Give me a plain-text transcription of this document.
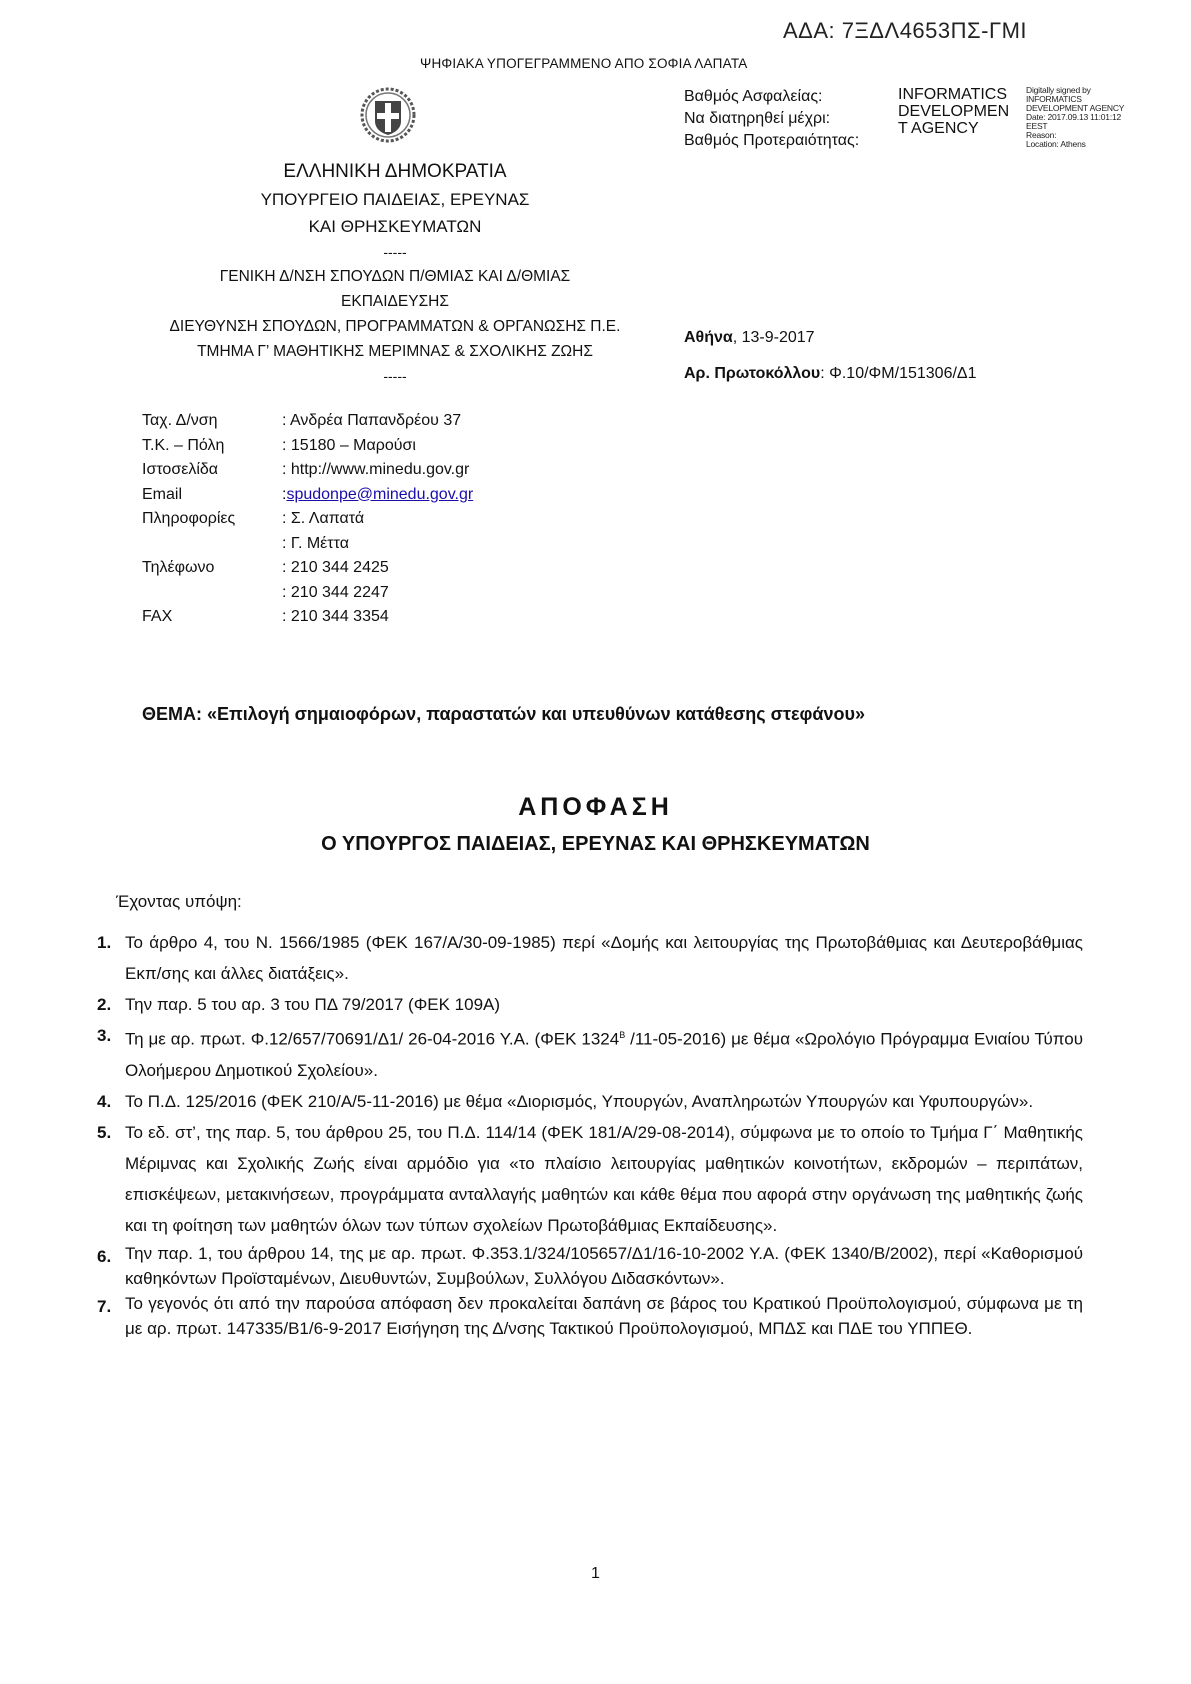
ΑΔΑ: 7ΞΔΛ4653ΠΣ-ΓΜΙ
ΨΗΦΙΑΚΑ ΥΠΟΓΕΓΡΑΜΜΕΝΟ ΑΠΟ ΣΟΦΙΑ ΛΑΠΑΤΑ
Βαθμός Ασφαλείας:
Να διατηρηθεί μέχρι:
Βαθμός Προτεραιότητας:
INFORMATICS
DEVELOPMEN
T AGENCY
Digitally signed by
INFORMATICS
DEVELOPMENT AGENCY
Date: 2017.09.13 11:01:12
EEST
Reason:
Location: Athens
ΕΛΛΗΝΙΚΗ ΔΗΜΟΚΡΑΤΙΑ
ΥΠΟΥΡΓΕΙΟ ΠΑΙΔΕΙΑΣ, ΕΡΕΥΝΑΣ
ΚΑΙ ΘΡΗΣΚΕΥΜΑΤΩΝ
-----
ΓΕΝΙΚΗ Δ/ΝΣΗ ΣΠΟΥΔΩΝ Π/ΘΜΙΑΣ ΚΑΙ Δ/ΘΜΙΑΣ
ΕΚΠΑΙΔΕΥΣΗΣ
ΔΙΕΥΘΥΝΣΗ ΣΠΟΥΔΩΝ, ΠΡΟΓΡΑΜΜΑΤΩΝ & ΟΡΓΑΝΩΣΗΣ Π.Ε.
ΤΜΗΜΑ Γ’ ΜΑΘΗΤΙΚΗΣ ΜΕΡΙΜΝΑΣ & ΣΧΟΛΙΚΗΣ ΖΩΗΣ
-----
Αθήνα, 13-9-2017
Αρ. Πρωτοκόλλου: Φ.10/ΦΜ/151306/Δ1
Ταχ. Δ/νση	: Ανδρέα Παπανδρέου 37
Τ.Κ. – Πόλη	: 15180 – Μαρούσι
Ιστοσελίδα	: http://www.minedu.gov.gr
Email	: spudonpe@minedu.gov.gr
Πληροφορίες	: Σ. Λαπατά
: Γ. Μέττα
Τηλέφωνο	: 210 344 2425
: 210 344 2247
FAX	: 210 344 3354
ΘΕΜΑ: «Επιλογή σημαιοφόρων, παραστατών και υπευθύνων κατάθεσης στεφάνου»
ΑΠΟΦΑΣΗ
Ο ΥΠΟΥΡΓΟΣ ΠΑΙΔΕΙΑΣ, ΕΡΕΥΝΑΣ ΚΑΙ ΘΡΗΣΚΕΥΜΑΤΩΝ
Έχοντας υπόψη:
1. Το άρθρο 4, του Ν. 1566/1985 (ΦΕΚ 167/Α/30-09-1985) περί «Δομής και λειτουργίας της Πρωτοβάθμιας και Δευτεροβάθμιας Εκπ/σης και άλλες διατάξεις».
2. Την παρ. 5 του αρ. 3 του ΠΔ 79/2017 (ΦΕΚ 109Α)
3. Τη με αρ. πρωτ. Φ.12/657/70691/Δ1/ 26-04-2016 Υ.Α. (ΦΕΚ $1324^B$ /11-05-2016) με θέμα «Ωρολόγιο Πρόγραμμα Ενιαίου Τύπου Ολοήμερου Δημοτικού Σχολείου».
4. Το Π.Δ. 125/2016 (ΦΕΚ 210/Α/5-11-2016) με θέμα «Διορισμός, Υπουργών, Αναπληρωτών Υπουργών και Υφυπουργών».
5. Το εδ. στ’, της παρ. 5, του άρθρου 25, του Π.Δ. 114/14 (ΦΕΚ 181/Α/29-08-2014), σύμφωνα με το οποίο το Τμήμα Γ΄ Μαθητικής Μέριμνας και Σχολικής Ζωής είναι αρμόδιο για «το πλαίσιο λειτουργίας μαθητικών κοινοτήτων, εκδρομών – περιπάτων, επισκέψεων, μετακινήσεων, προγράμματα ανταλλαγής μαθητών και κάθε θέμα που αφορά στην οργάνωση της μαθητικής ζωής και τη φοίτηση των μαθητών όλων των τύπων σχολείων Πρωτοβάθμιας Εκπαίδευσης».
6. Την παρ. 1, του άρθρου 14, της με αρ. πρωτ. Φ.353.1/324/105657/Δ1/16-10-2002 Υ.Α. (ΦΕΚ 1340/Β/2002), περί «Καθορισμού καθηκόντων Προϊσταμένων, Διευθυντών, Συμβούλων, Συλλόγου Διδασκόντων».
7. Το γεγονός ότι από την παρούσα απόφαση δεν προκαλείται δαπάνη σε βάρος του Κρατικού Προϋπολογισμού, σύμφωνα με τη με αρ. πρωτ. 147335/Β1/6-9-2017 Εισήγηση της Δ/νσης Τακτικού Προϋπολογισμού, ΜΠΔΣ και ΠΔΕ του ΥΠΠΕΘ.
1
